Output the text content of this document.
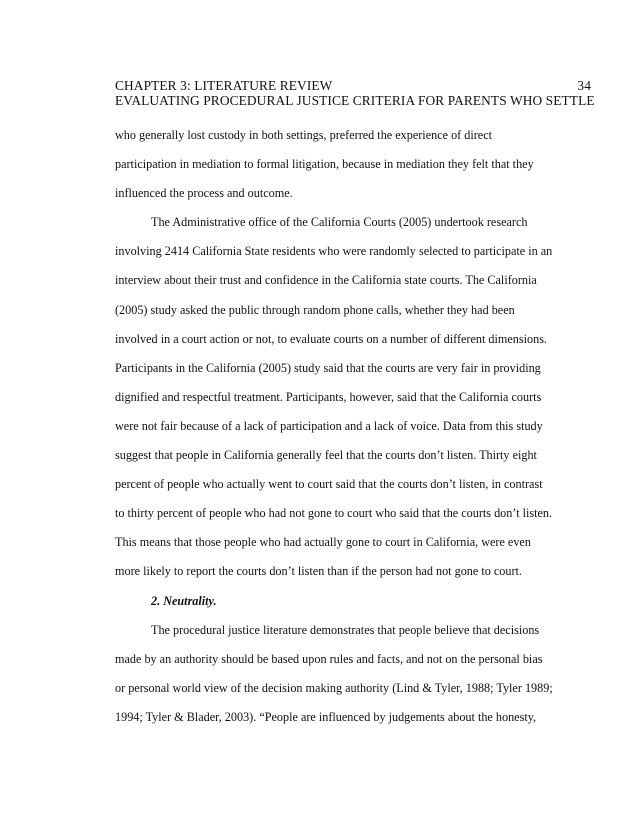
CHAPTER 3: LITERATURE REVIEW	34
EVALUATING PROCEDURAL JUSTICE CRITERIA FOR PARENTS WHO SETTLE
who generally lost custody in both settings, preferred the experience of direct
participation in mediation to formal litigation, because in mediation they felt that they
influenced the process and outcome.
The Administrative office of the California Courts (2005) undertook research
involving 2414 California State residents who were randomly selected to participate in an
interview about their trust and confidence in the California state courts. The California
(2005) study asked the public through random phone calls, whether they had been
involved in a court action or not, to evaluate courts on a number of different dimensions.
Participants in the California (2005) study said that the courts are very fair in providing
dignified and respectful treatment. Participants, however, said that the California courts
were not fair because of a lack of participation and a lack of voice. Data from this study
suggest that people in California generally feel that the courts don’t listen. Thirty eight
percent of people who actually went to court said that the courts don’t listen, in contrast
to thirty percent of people who had not gone to court who said that the courts don’t listen.
This means that those people who had actually gone to court in California, were even
more likely to report the courts don’t listen than if the person had not gone to court.
2. Neutrality.
The procedural justice literature demonstrates that people believe that decisions
made by an authority should be based upon rules and facts, and not on the personal bias
or personal world view of the decision making authority (Lind & Tyler, 1988; Tyler 1989;
1994; Tyler & Blader, 2003). “People are influenced by judgements about the honesty,
